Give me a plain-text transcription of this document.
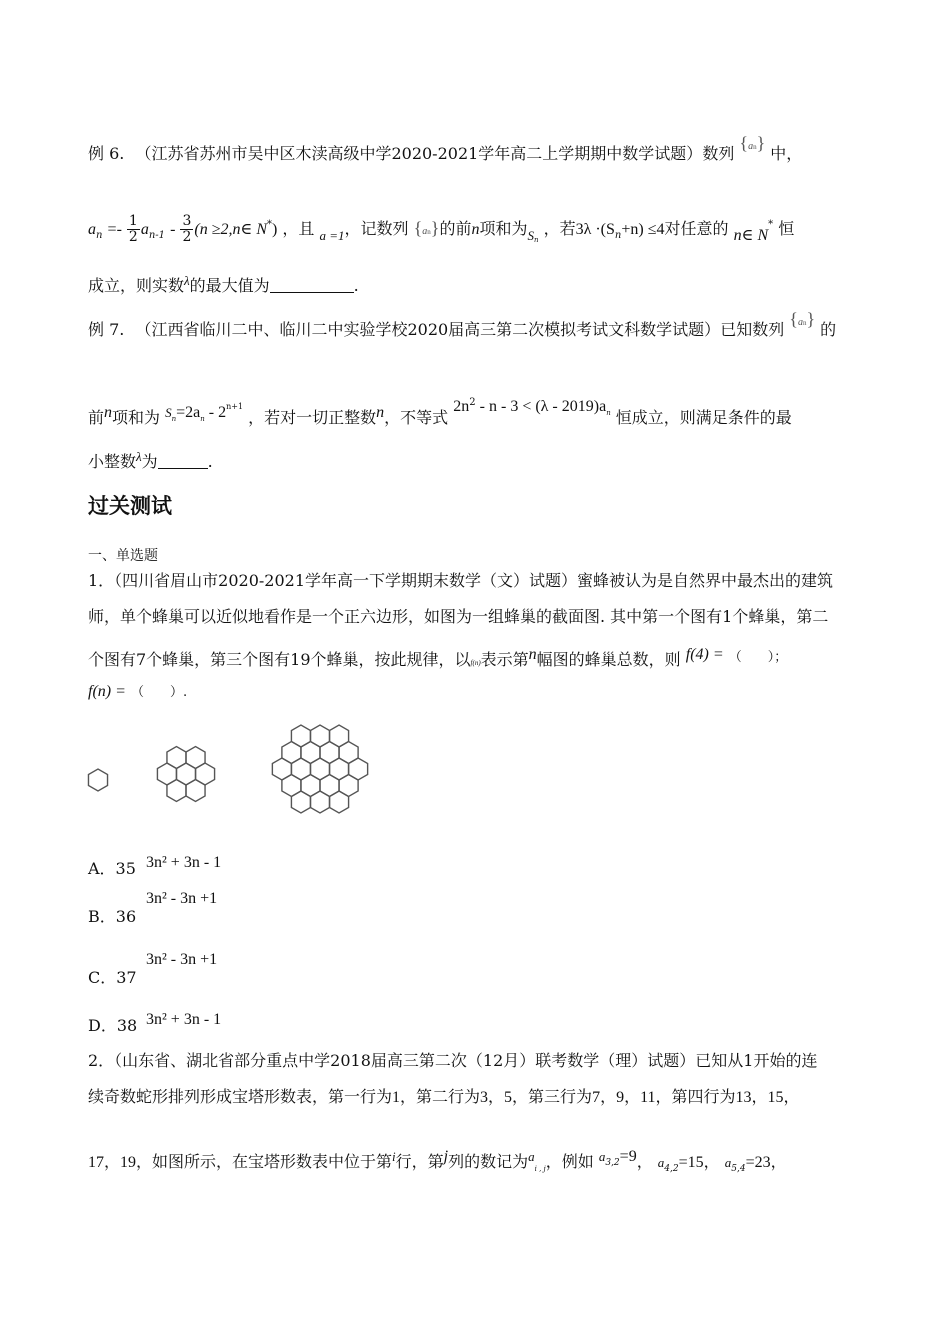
例 6. （江苏省苏州市吴中区木渎高级中学2020-2021学年高二上学期期中数学试题）数列 {an} 中，
$a_n =- \frac{1}{2} a_{n-1} - \frac{3}{2} (n$ ≥2,n∈ N*) ，且 $_{a =1}$，记数列 {an}的前n项和为$_{Sn}$ ，若$3\lambda \cdot(S_n+n) \le 4$对任意的 n∈ N* 恒
成立，则实数$^\lambda$的最大值为	.
例 7. （江西省临川二中、临川二中实验学校2020届高三第二次模拟考试文科数学试题）已知数列 {an} 的
前n项和为 $^{Sn}=2a^n - 2^{n+1}$ ，若对一切正整数n，不等式 $2n^2 - n - 3 < (\lambda - 2019)a^n$ 恒成立，则满足条件的最
小整数$^\lambda$为	.
过关测试
一、单选题
1．（四川省眉山市2020-2021学年高一下学期期末数学（文）试题）蜜蜂被认为是自然界中最杰出的建筑
师，单个蜂巢可以近似地看作是一个正六边形，如图为一组蜂巢的截面图. 其中第一个图有1个蜂巢，第二
个图有7个蜂巢，第三个图有19个蜂巢，按此规律，以f(n)表示第n幅图的蜂巢总数，则 f(4) = （　　）；
f(n) = （　　）.
A．35 3n² + 3n - 1
B．36
3n² - 3n +1
C．37
3n² - 3n +1
D．38 3n² + 3n - 1
2．（山东省、湖北省部分重点中学2018届高三第二次（12月）联考数学（理）试题）已知从1开始的连
续奇数蛇形排列形成宝塔形数表，第一行为1，第二行为3，5，第三行为7，9，11，第四行为13，15，
17，19，如图所示，在宝塔形数表中位于第$^i$行，第j列的数记为$^a_{i , j}$，例如 $^{a3,2}$=9， $a_{4,2}=15$， $a_{5,4}=23$，
